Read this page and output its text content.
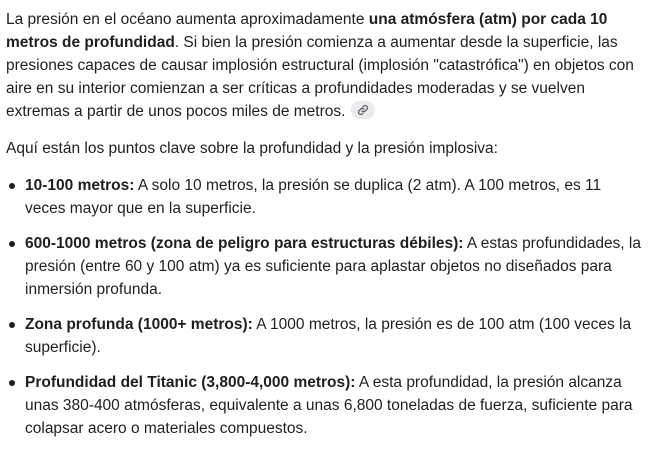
La presión en el océano aumenta aproximadamente una atmósfera (atm) por cada 10 metros de profundidad. Si bien la presión comienza a aumentar desde la superficie, las presiones capaces de causar implosión estructural (implosión "catastrófica") en objetos con aire en su interior comienzan a ser críticas a profundidades moderadas y se vuelven extremas a partir de unos pocos miles de metros.

Aquí están los puntos clave sobre la profundidad y la presión implosiva:

10-100 metros: A solo 10 metros, la presión se duplica (2 atm). A 100 metros, es 11 veces mayor que en la superficie.
600-1000 metros (zona de peligro para estructuras débiles): A estas profundidades, la presión (entre 60 y 100 atm) ya es suficiente para aplastar objetos no diseñados para inmersión profunda.
Zona profunda (1000+ metros): A 1000 metros, la presión es de 100 atm (100 veces la superficie).
Profundidad del Titanic (3,800-4,000 metros): A esta profundidad, la presión alcanza unas 380-400 atmósferas, equivalente a unas 6,800 toneladas de fuerza, suficiente para colapsar acero o materiales compuestos.
